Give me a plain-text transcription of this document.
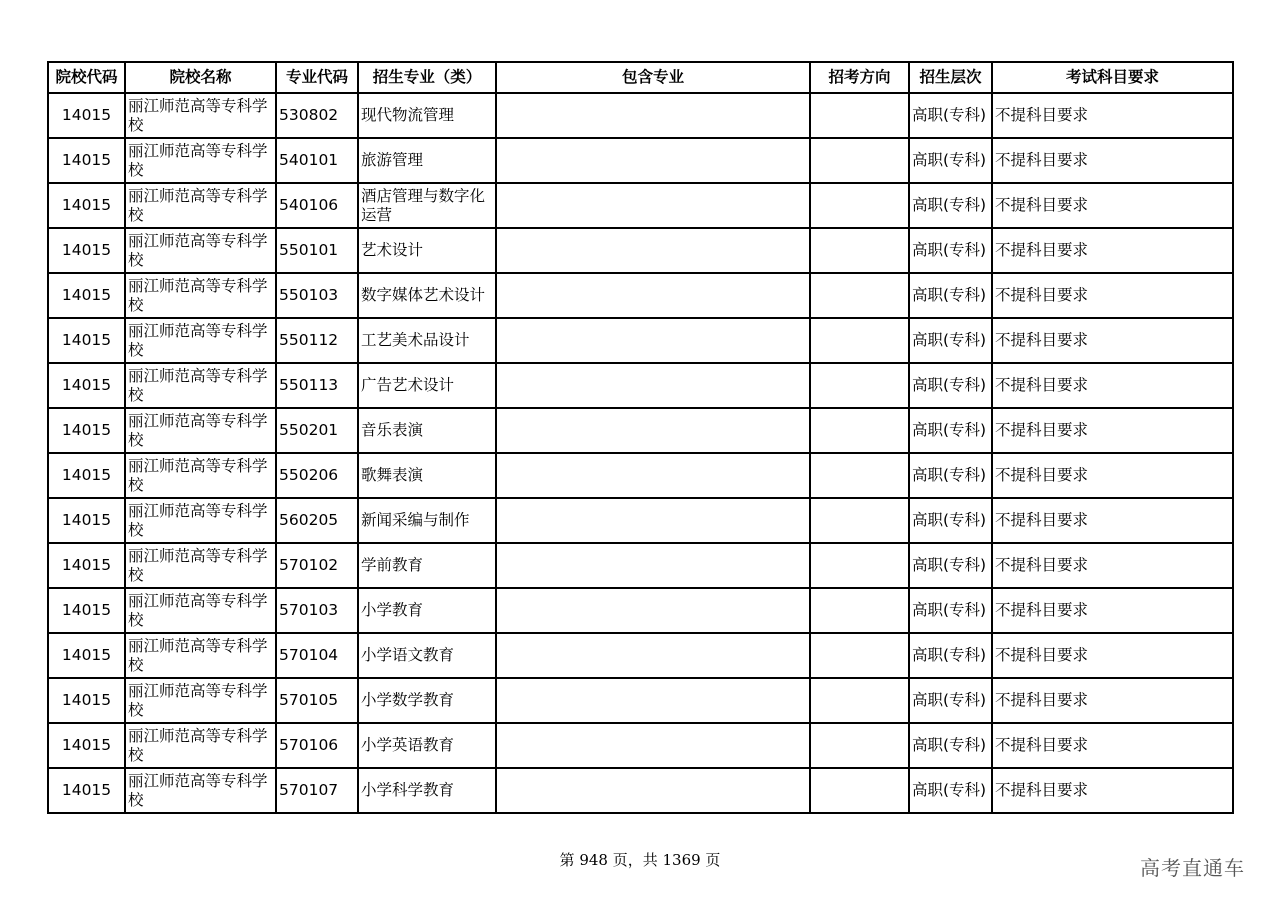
院校代码	院校名称	专业代码	招生专业（类）	包含专业	招考方向	招生层次	考试科目要求
14015	丽江师范高等专科学校	530802	现代物流管理			高职(专科)	不提科目要求
14015	丽江师范高等专科学校	540101	旅游管理			高职(专科)	不提科目要求
14015	丽江师范高等专科学校	540106	酒店管理与数字化运营			高职(专科)	不提科目要求
14015	丽江师范高等专科学校	550101	艺术设计			高职(专科)	不提科目要求
14015	丽江师范高等专科学校	550103	数字媒体艺术设计			高职(专科)	不提科目要求
14015	丽江师范高等专科学校	550112	工艺美术品设计			高职(专科)	不提科目要求
14015	丽江师范高等专科学校	550113	广告艺术设计			高职(专科)	不提科目要求
14015	丽江师范高等专科学校	550201	音乐表演			高职(专科)	不提科目要求
14015	丽江师范高等专科学校	550206	歌舞表演			高职(专科)	不提科目要求
14015	丽江师范高等专科学校	560205	新闻采编与制作			高职(专科)	不提科目要求
14015	丽江师范高等专科学校	570102	学前教育			高职(专科)	不提科目要求
14015	丽江师范高等专科学校	570103	小学教育			高职(专科)	不提科目要求
14015	丽江师范高等专科学校	570104	小学语文教育			高职(专科)	不提科目要求
14015	丽江师范高等专科学校	570105	小学数学教育			高职(专科)	不提科目要求
14015	丽江师范高等专科学校	570106	小学英语教育			高职(专科)	不提科目要求
14015	丽江师范高等专科学校	570107	小学科学教育			高职(专科)	不提科目要求
第 948 页，共 1369 页	高考直通车
